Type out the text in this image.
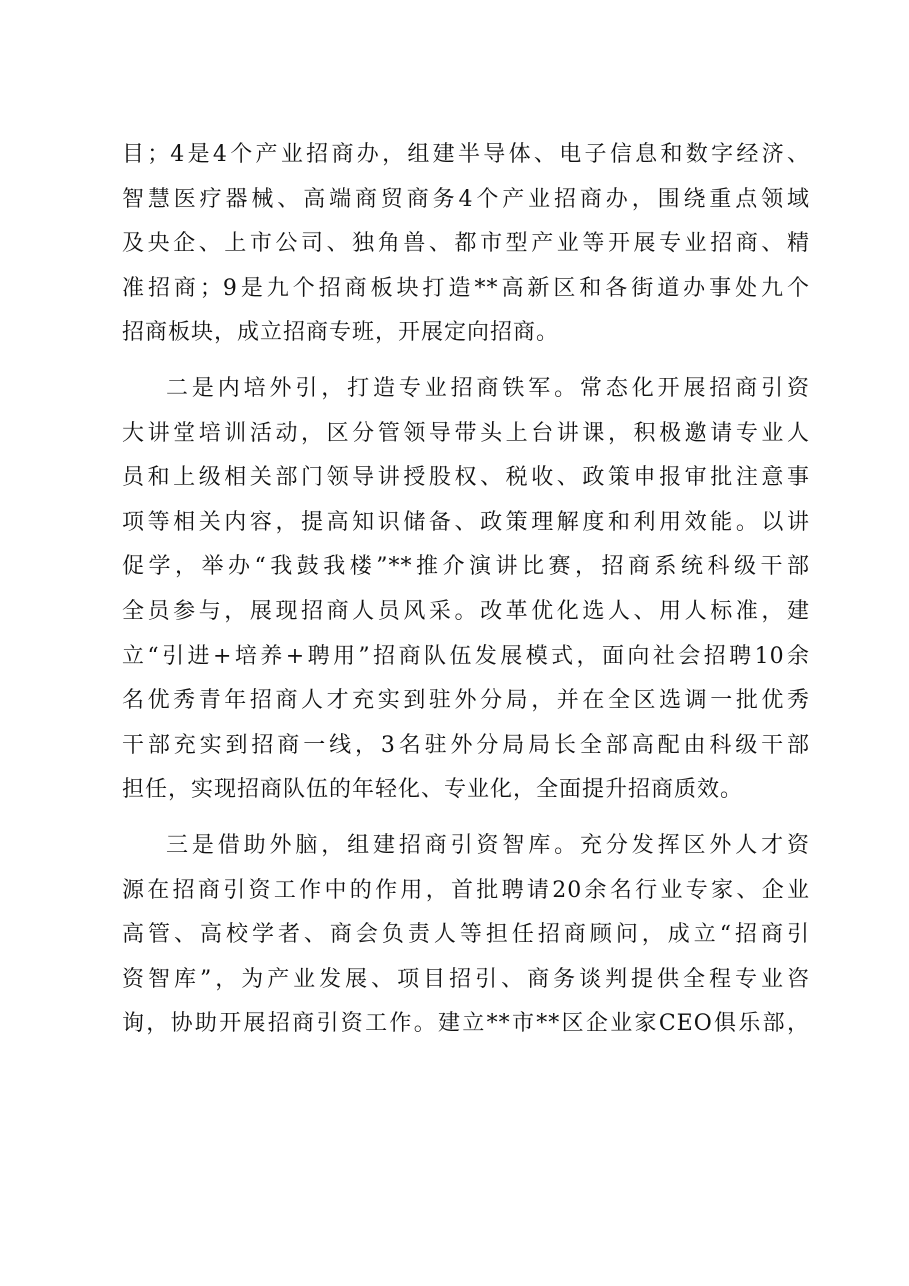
目；4是4个产业招商办，组建半导体、电子信息和数字经济、
智慧医疗器械、高端商贸商务4个产业招商办，围绕重点领域
及央企、上市公司、独角兽、都市型产业等开展专业招商、精
准招商；9是九个招商板块打造**高新区和各街道办事处九个
招商板块，成立招商专班，开展定向招商。
二是内培外引，打造专业招商铁军。常态化开展招商引资
大讲堂培训活动，区分管领导带头上台讲课，积极邀请专业人
员和上级相关部门领导讲授股权、税收、政策申报审批注意事
项等相关内容，提高知识储备、政策理解度和利用效能。以讲
促学，举办“我鼓我楼”**推介演讲比赛，招商系统科级干部
全员参与，展现招商人员风采。改革优化选人、用人标准，建
立“引进+培养+聘用”招商队伍发展模式，面向社会招聘10余
名优秀青年招商人才充实到驻外分局，并在全区选调一批优秀
干部充实到招商一线，3名驻外分局局长全部高配由科级干部
担任，实现招商队伍的年轻化、专业化，全面提升招商质效。
三是借助外脑，组建招商引资智库。充分发挥区外人才资
源在招商引资工作中的作用，首批聘请20余名行业专家、企业
高管、高校学者、商会负责人等担任招商顾问，成立“招商引
资智库”，为产业发展、项目招引、商务谈判提供全程专业咨
询，协助开展招商引资工作。建立**市**区企业家CEO俱乐部，
